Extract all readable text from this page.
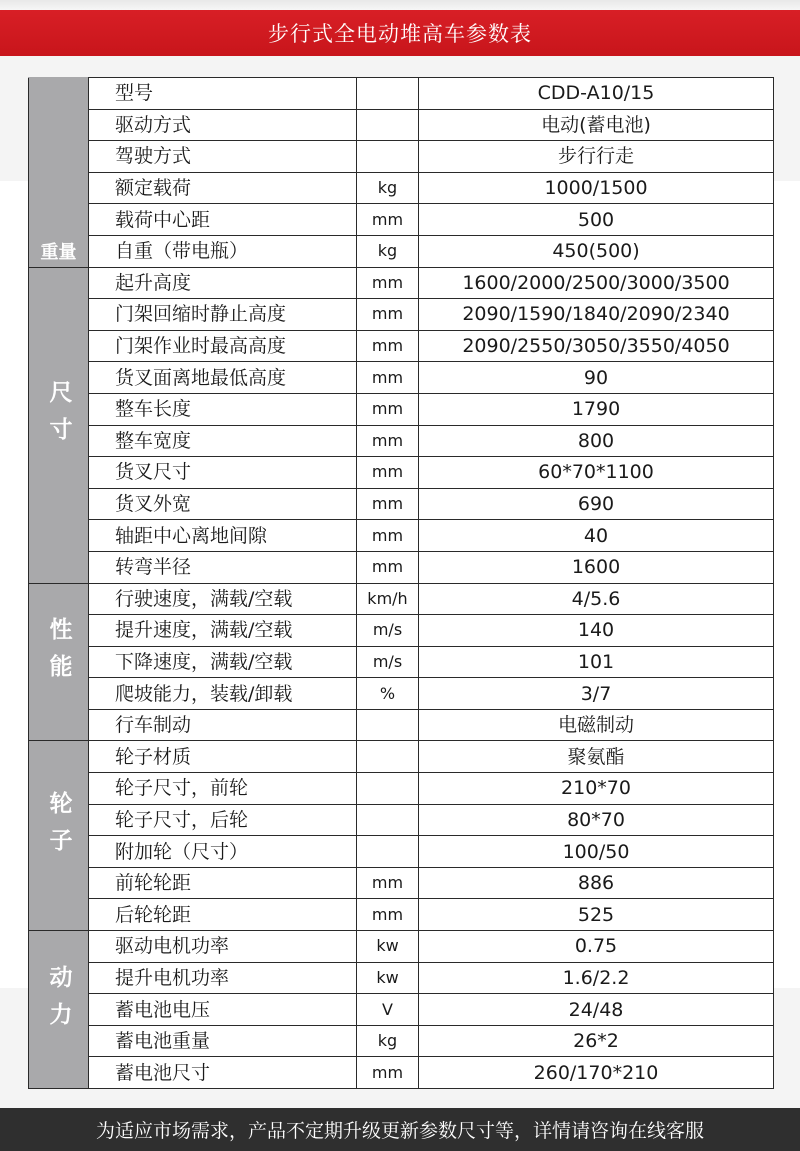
步行式全电动堆高车参数表
重量	型号		CDD-A10/15
	驱动方式		电动(蓄电池)
	驾驶方式		步行行走
	额定载荷	kg	1000/1500
	载荷中心距	mm	500
	自重（带电瓶）	kg	450(500)
尺寸	起升高度	mm	1600/2000/2500/3000/3500
	门架回缩时静止高度	mm	2090/1590/1840/2090/2340
	门架作业时最高高度	mm	2090/2550/3050/3550/4050
	货叉面离地最低高度	mm	90
	整车长度	mm	1790
	整车宽度	mm	800
	货叉尺寸	mm	60*70*1100
	货叉外宽	mm	690
	轴距中心离地间隙	mm	40
	转弯半径	mm	1600
性能	行驶速度，满载/空载	km/h	4/5.6
	提升速度，满载/空载	m/s	140
	下降速度，满载/空载	m/s	101
	爬坡能力，装载/卸载	%	3/7
	行车制动		电磁制动
轮子	轮子材质		聚氨酯
	轮子尺寸，前轮		210*70
	轮子尺寸，后轮		80*70
	附加轮（尺寸）		100/50
	前轮轮距	mm	886
	后轮轮距	mm	525
动力	驱动电机功率	kw	0.75
	提升电机功率	kw	1.6/2.2
	蓄电池电压	V	24/48
	蓄电池重量	kg	26*2
	蓄电池尺寸	mm	260/170*210
为适应市场需求，产品不定期升级更新参数尺寸等，详情请咨询在线客服
